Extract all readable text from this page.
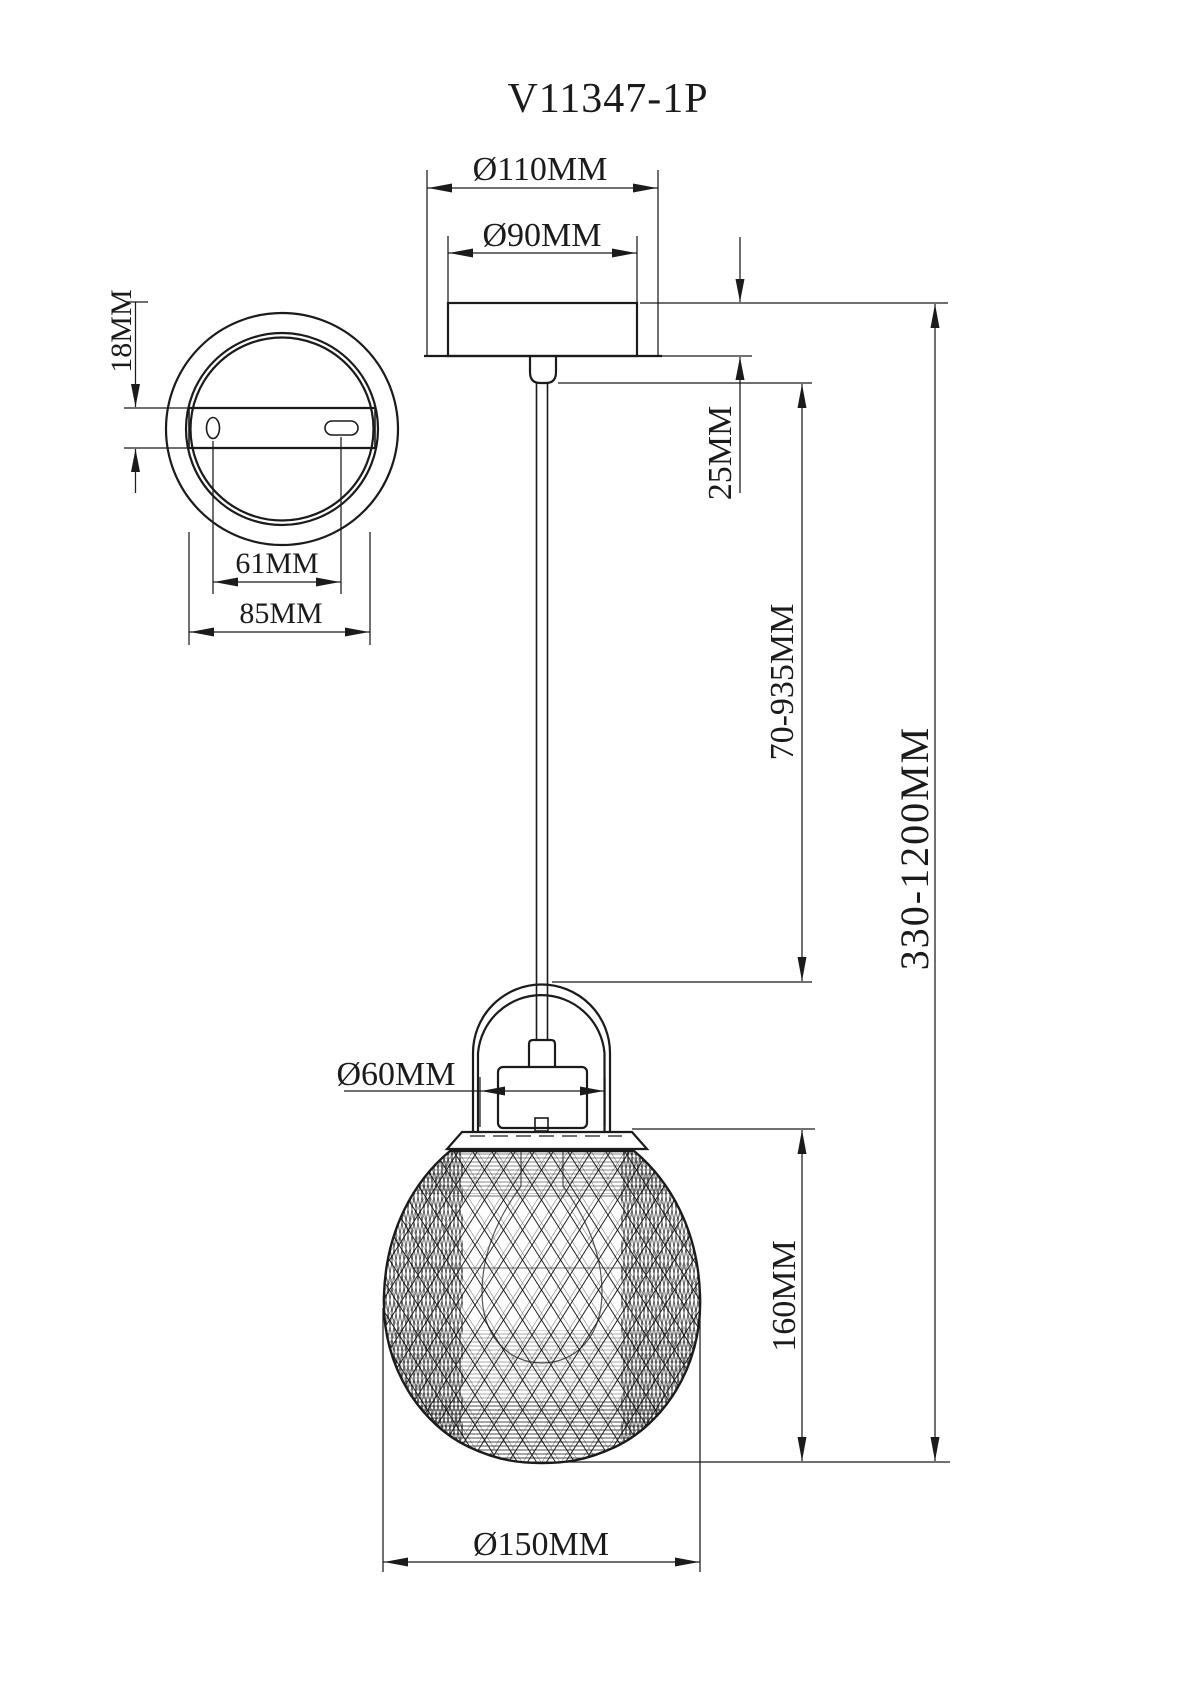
V11347-1P
18MM
61MM
85MM
Ø110MM
Ø90MM
25MM
70-935MM
330-1200MM
Ø60MM
160MM
Ø150MM
